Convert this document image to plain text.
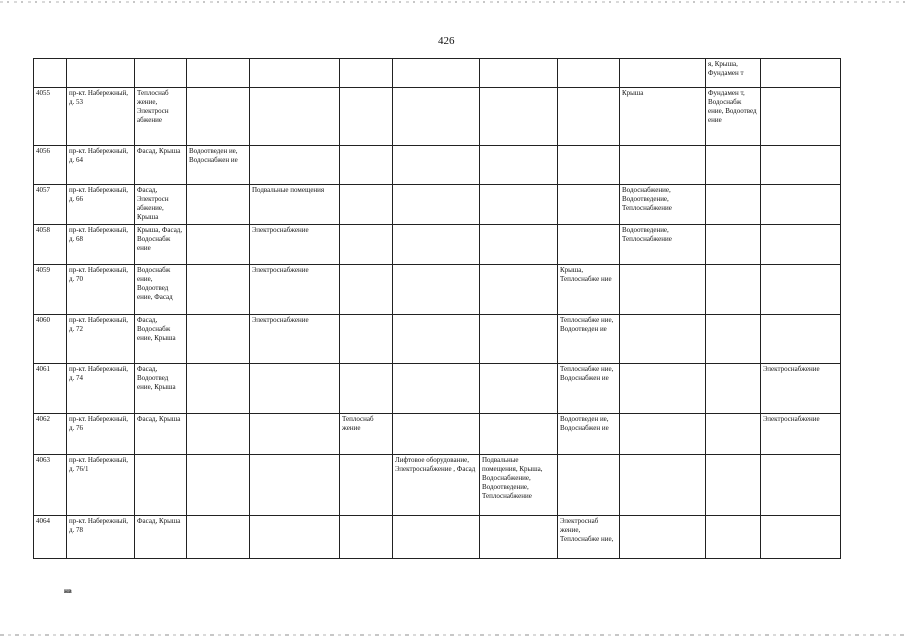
426
										я, Крыша, Фундамен т	
4055	пр-кт. Набережный, д. 53	Теплоснаб жение, Электросн абжение							Крыша	Фундамен т, Водоснабж ение, Водоотвед ение	
4056	пр-кт. Набережный, д. 64	Фасад, Крыша	Водоотведен ие, Водоснабжен ие								
4057	пр-кт. Набережный, д. 66	Фасад, Электросн абжение, Крыша		Подвальные помещения					Водоснабжение, Водоотведение, Теплоснабжение		
4058	пр-кт. Набережный, д. 68	Крыша, Фасад, Водоснабж ение		Электроснабжение					Водоотведение, Теплоснабжение		
4059	пр-кт. Набережный, д. 70	Водоснабж ение, Водоотвед ение, Фасад		Электроснабжение				Крыша, Теплоснабже ние			
4060	пр-кт. Набережный, д. 72	Фасад, Водоснабж ение, Крыша		Электроснабжение				Теплоснабже ние, Водоотведен ие			
4061	пр-кт. Набережный, д. 74	Фасад, Водоотвед ение, Крыша						Теплоснабже ние, Водоснабжен ие			Электроснабжение
4062	пр-кт. Набережный, д. 76	Фасад, Крыша			Теплоснаб жение			Водоотведен ие, Водоснабжен ие			Электроснабжение
4063	пр-кт. Набережный, д. 76/1					Лифтовое оборудование, Электроснабжение , Фасад	Подвальные помещения, Крыша, Водоснабжение, Водоотведение, Теплоснабжение				
4064	пр-кт. Набережный, д. 78	Фасад, Крыша						Электроснаб жение, Теплоснабже ние,			
нв
